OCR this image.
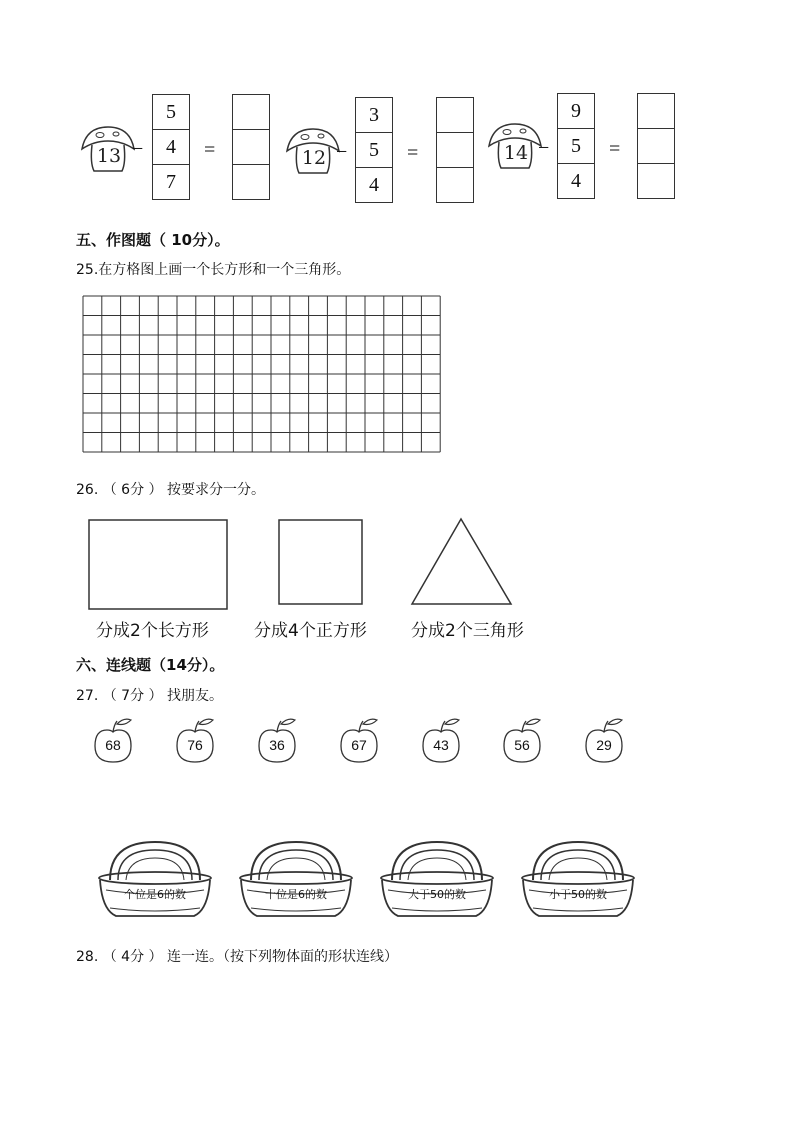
13 −
5
4
7
=	12 −
3
5
4
=	14 −
9
5
4
=
五、作图题（ 10分）。
25.在方格图上画一个长方形和一个三角形。
26. （ 6分 ） 按要求分一分。
分成2个长方形	分成4个正方形	分成2个三角形
六、连线题（14分）。
27. （ 7分 ） 找朋友。
68	76	36	67	43	56	29
个位是6的数	十位是6的数	大于50的数	小于50的数
28. （ 4分 ） 连一连。（按下列物体面的形状连线）
